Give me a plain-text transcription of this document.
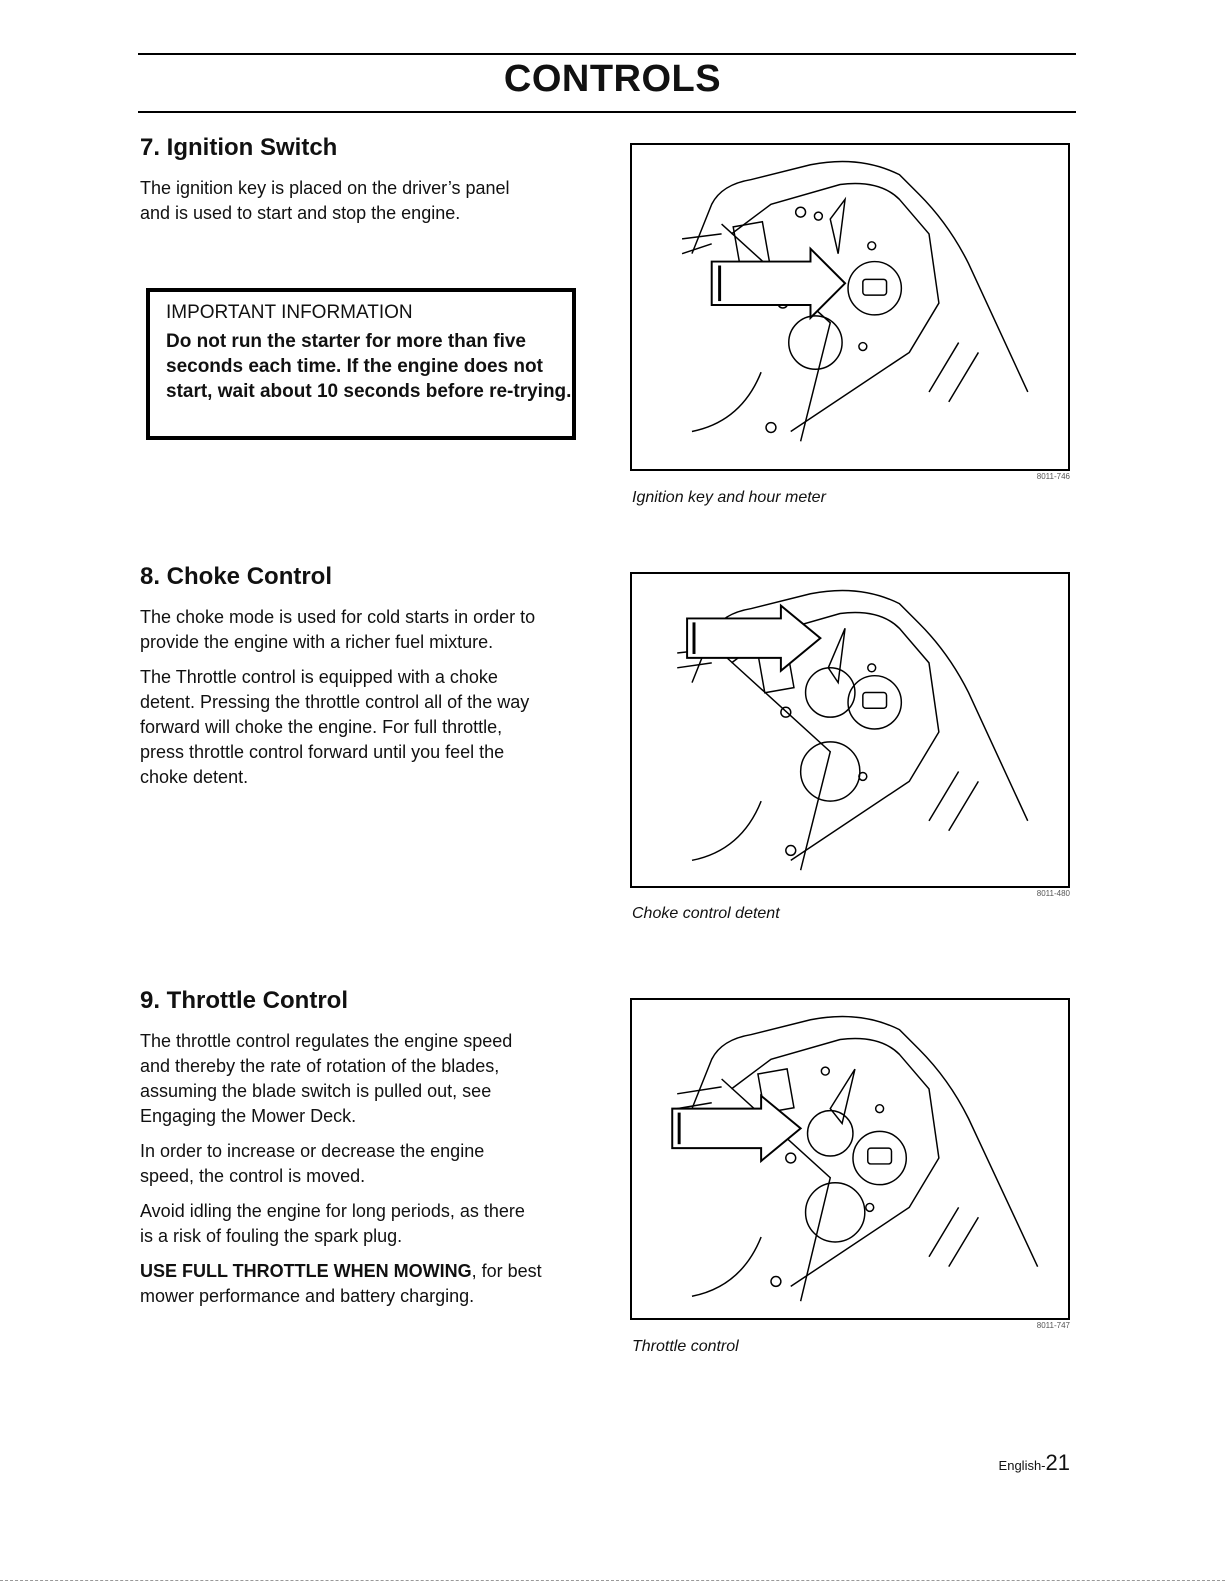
CONTROLS
7. Ignition Switch

The ignition key is placed on the driver’s panel and is used to start and stop the engine.

IMPORTANT INFORMATION
Do not run the starter for more than five seconds each time. If the engine does not start, wait about 10 seconds before re-trying.
8011-746
Ignition key and hour meter
8. Choke Control

The choke mode is used for cold starts in order to provide the engine with a richer fuel mixture.

The Throttle control is equipped with a choke detent. Pressing the throttle control all of the way forward will choke the engine. For full throttle, press throttle control forward until you feel the choke detent.

8011-480
Choke control detent
9. Throttle Control

The throttle control regulates the engine speed and thereby the rate of rotation of the blades, assuming the blade switch is pulled out, see Engaging the Mower Deck.

In order to increase or decrease the engine speed, the control is moved.

Avoid idling the engine for long periods, as there is a risk of fouling the spark plug.

USE FULL THROTTLE WHEN MOWING, for best mower performance and battery charging.

8011-747
Throttle control
English-21
